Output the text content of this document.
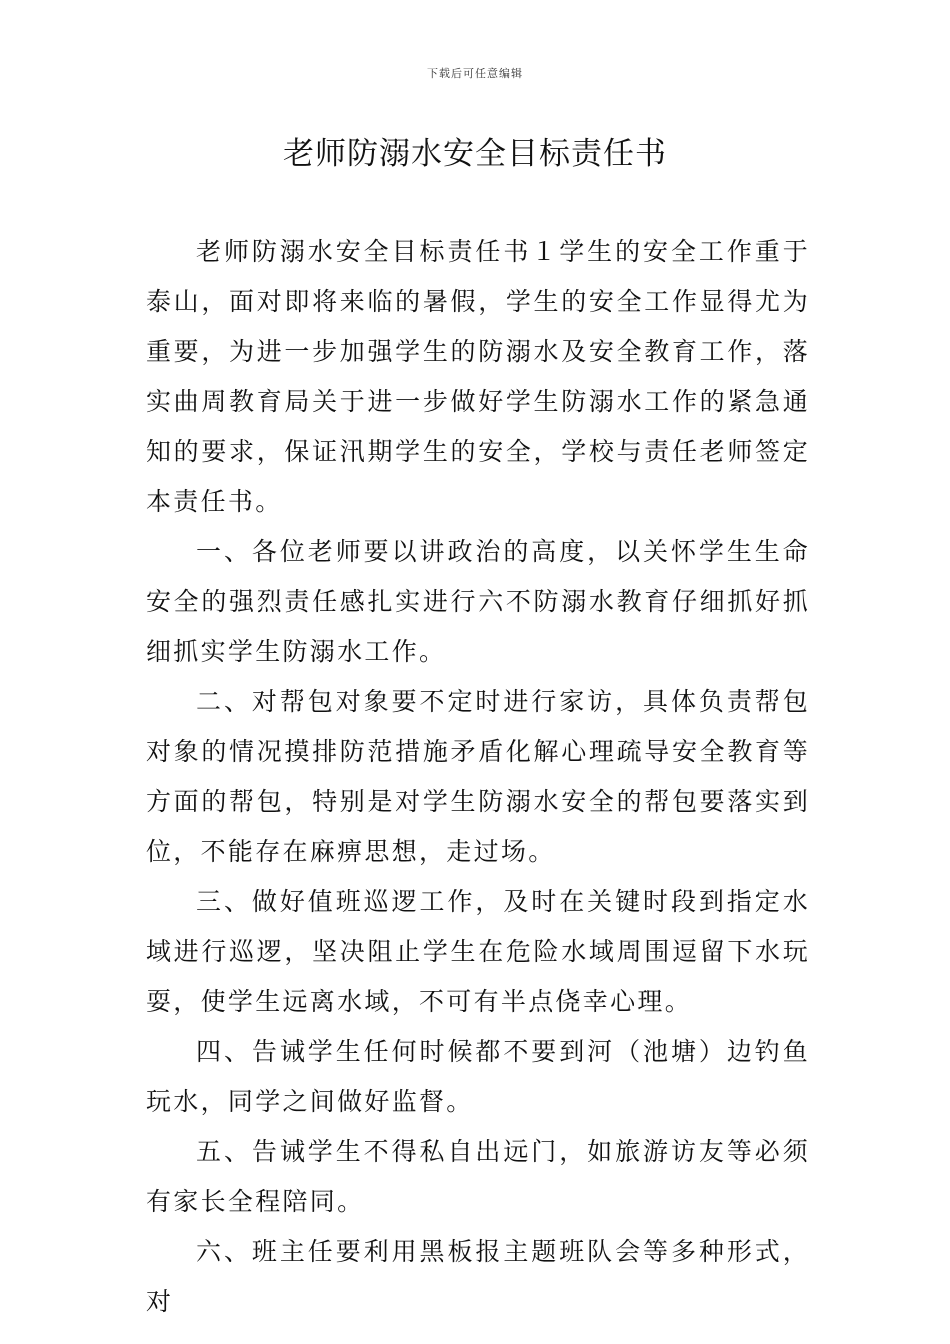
下载后可任意编辑
老师防溺水安全目标责任书

老师防溺水安全目标责任书１学生的安全工作重于泰山，面对即将来临的暑假，学生的安全工作显得尤为重要，为进一步加强学生的防溺水及安全教育工作，落实曲周教育局关于进一步做好学生防溺水工作的紧急通知的要求，保证汛期学生的安全，学校与责任老师签定本责任书。

一、各位老师要以讲政治的高度，以关怀学生生命安全的强烈责任感扎实进行六不防溺水教育仔细抓好抓细抓实学生防溺水工作。

二、对帮包对象要不定时进行家访，具体负责帮包对象的情况摸排防范措施矛盾化解心理疏导安全教育等方面的帮包，特别是对学生防溺水安全的帮包要落实到位，不能存在麻痹思想，走过场。

三、做好值班巡逻工作，及时在关键时段到指定水域进行巡逻，坚决阻止学生在危险水域周围逗留下水玩耍，使学生远离水域，不可有半点侥幸心理。

四、告诫学生任何时候都不要到河（池塘）边钓鱼玩水，同学之间做好监督。

五、告诫学生不得私自出远门，如旅游访友等必须有家长全程陪同。

六、班主任要利用黑板报主题班队会等多种形式，对
